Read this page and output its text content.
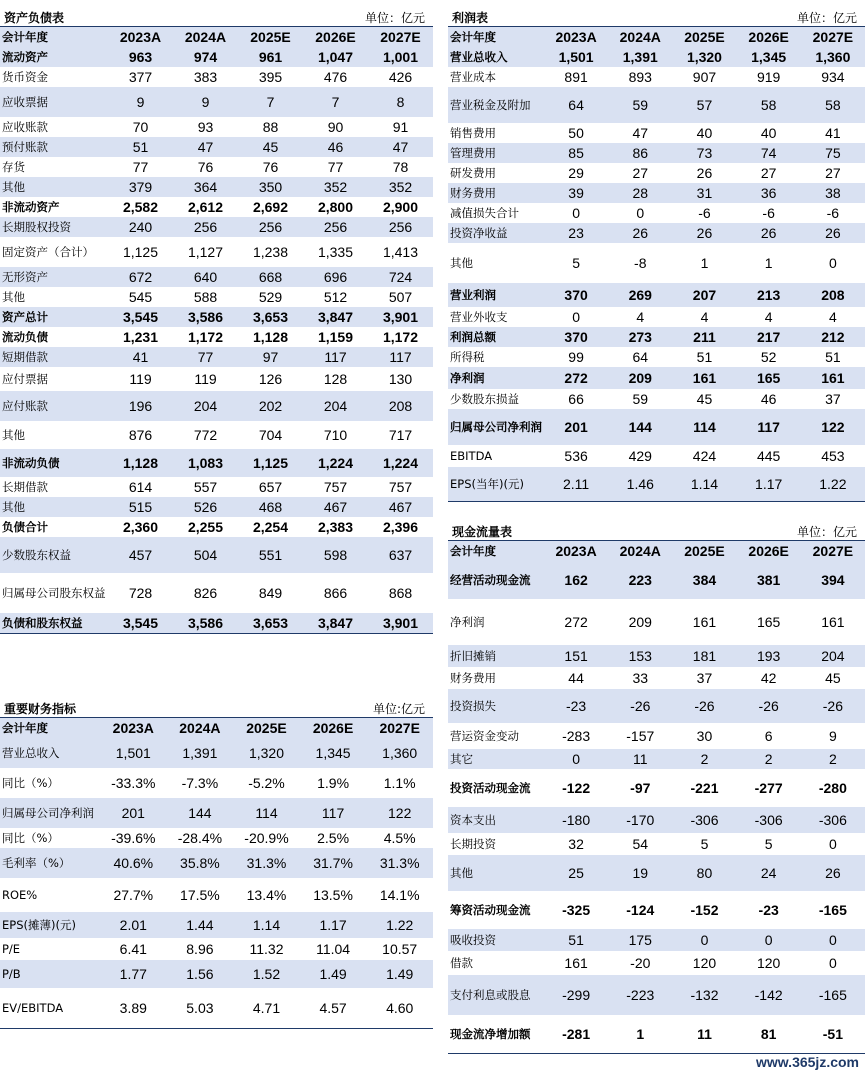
资产负债表	单位：亿元
会计年度	2023A	2024A	2025E	2026E	2027E
流动资产	963	974	961	1,047	1,001
货币资金	377	383	395	476	426
应收票据	9	9	7	7	8
应收账款	70	93	88	90	91
预付账款	51	47	45	46	47
存货	77	76	76	77	78
其他	379	364	350	352	352
非流动资产	2,582	2,612	2,692	2,800	2,900
长期股权投资	240	256	256	256	256
固定资产（合计）	1,125	1,127	1,238	1,335	1,413
无形资产	672	640	668	696	724
其他	545	588	529	512	507
资产总计	3,545	3,586	3,653	3,847	3,901
流动负债	1,231	1,172	1,128	1,159	1,172
短期借款	41	77	97	117	117
应付票据	119	119	126	128	130
应付账款	196	204	202	204	208
其他	876	772	704	710	717
非流动负债	1,128	1,083	1,125	1,224	1,224
长期借款	614	557	657	757	757
其他	515	526	468	467	467
负债合计	2,360	2,255	2,254	2,383	2,396
少数股东权益	457	504	551	598	637
归属母公司股东权益	728	826	849	866	868
负债和股东权益	3,545	3,586	3,653	3,847	3,901
重要财务指标	单位:亿元
会计年度	2023A	2024A	2025E	2026E	2027E
营业总收入	1,501	1,391	1,320	1,345	1,360
同比（%）	-33.3%	-7.3%	-5.2%	1.9%	1.1%
归属母公司净利润	201	144	114	117	122
同比（%）	-39.6%	-28.4%	-20.9%	2.5%	4.5%
毛利率（%）	40.6%	35.8%	31.3%	31.7%	31.3%
ROE%	27.7%	17.5%	13.4%	13.5%	14.1%
EPS(摊薄)(元)	2.01	1.44	1.14	1.17	1.22
P/E	6.41	8.96	11.32	11.04	10.57
P/B	1.77	1.56	1.52	1.49	1.49
EV/EBITDA	3.89	5.03	4.71	4.57	4.60
利润表	单位：亿元
会计年度	2023A	2024A	2025E	2026E	2027E
营业总收入	1,501	1,391	1,320	1,345	1,360
营业成本	891	893	907	919	934
营业税金及附加	64	59	57	58	58
销售费用	50	47	40	40	41
管理费用	85	86	73	74	75
研发费用	29	27	26	27	27
财务费用	39	28	31	36	38
减值损失合计	0	0	-6	-6	-6
投资净收益	23	26	26	26	26
其他	5	-8	1	1	0
营业利润	370	269	207	213	208
营业外收支	0	4	4	4	4
利润总额	370	273	211	217	212
所得税	99	64	51	52	51
净利润	272	209	161	165	161
少数股东损益	66	59	45	46	37
归属母公司净利润	201	144	114	117	122
EBITDA	536	429	424	445	453
EPS(当年)(元)	2.11	1.46	1.14	1.17	1.22
现金流量表	单位：亿元
会计年度	2023A	2024A	2025E	2026E	2027E
经营活动现金流	162	223	384	381	394
净利润	272	209	161	165	161
折旧摊销	151	153	181	193	204
财务费用	44	33	37	42	45
投资损失	-23	-26	-26	-26	-26
营运资金变动	-283	-157	30	6	9
其它	0	11	2	2	2
投资活动现金流	-122	-97	-221	-277	-280
资本支出	-180	-170	-306	-306	-306
长期投资	32	54	5	5	0
其他	25	19	80	24	26
筹资活动现金流	-325	-124	-152	-23	-165
吸收投资	51	175	0	0	0
借款	161	-20	120	120	0
支付利息或股息	-299	-223	-132	-142	-165
现金流净增加额	-281	1	11	81	-51
www.365jz.com
